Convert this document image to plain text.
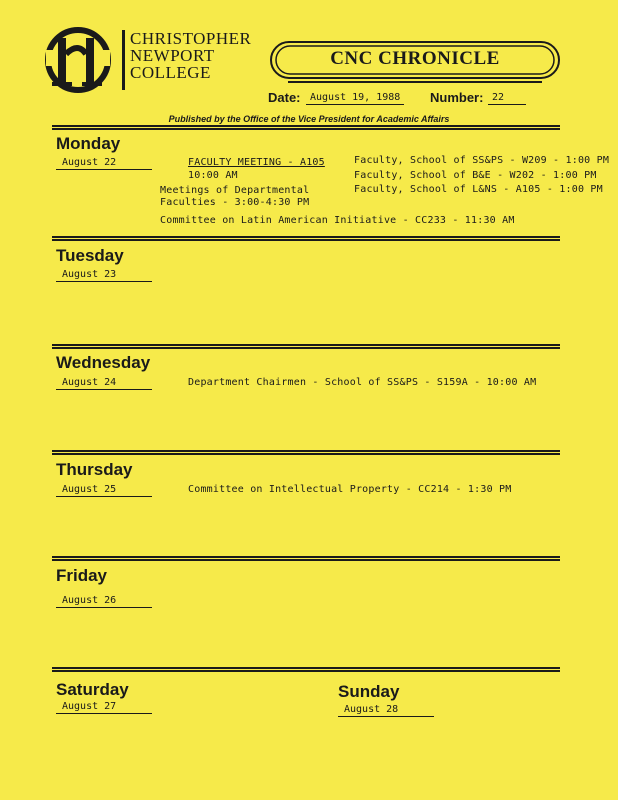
CHRISTOPHER
NEWPORT
COLLEGE
CNC CHRONICLE
Date: August 19, 1988	Number: 22
Published by the Office of the Vice President for Academic Affairs
Monday
August 22	FACULTY MEETING - A105
10:00 AM
Meetings of Departmental
Faculties - 3:00-4:30 PM
Faculty, School of SS&PS - W209 - 1:00 PM
Faculty, School of B&E - W202 - 1:00 PM
Faculty, School of L&NS - A105 - 1:00 PM
Committee on Latin American Initiative - CC233 - 11:30 AM
Tuesday
August 23
Wednesday
August 24	Department Chairmen - School of SS&PS - S159A - 10:00 AM
Thursday
August 25	Committee on Intellectual Property - CC214 - 1:30 PM
Friday
August 26
Saturday
August 27
Sunday
August 28
